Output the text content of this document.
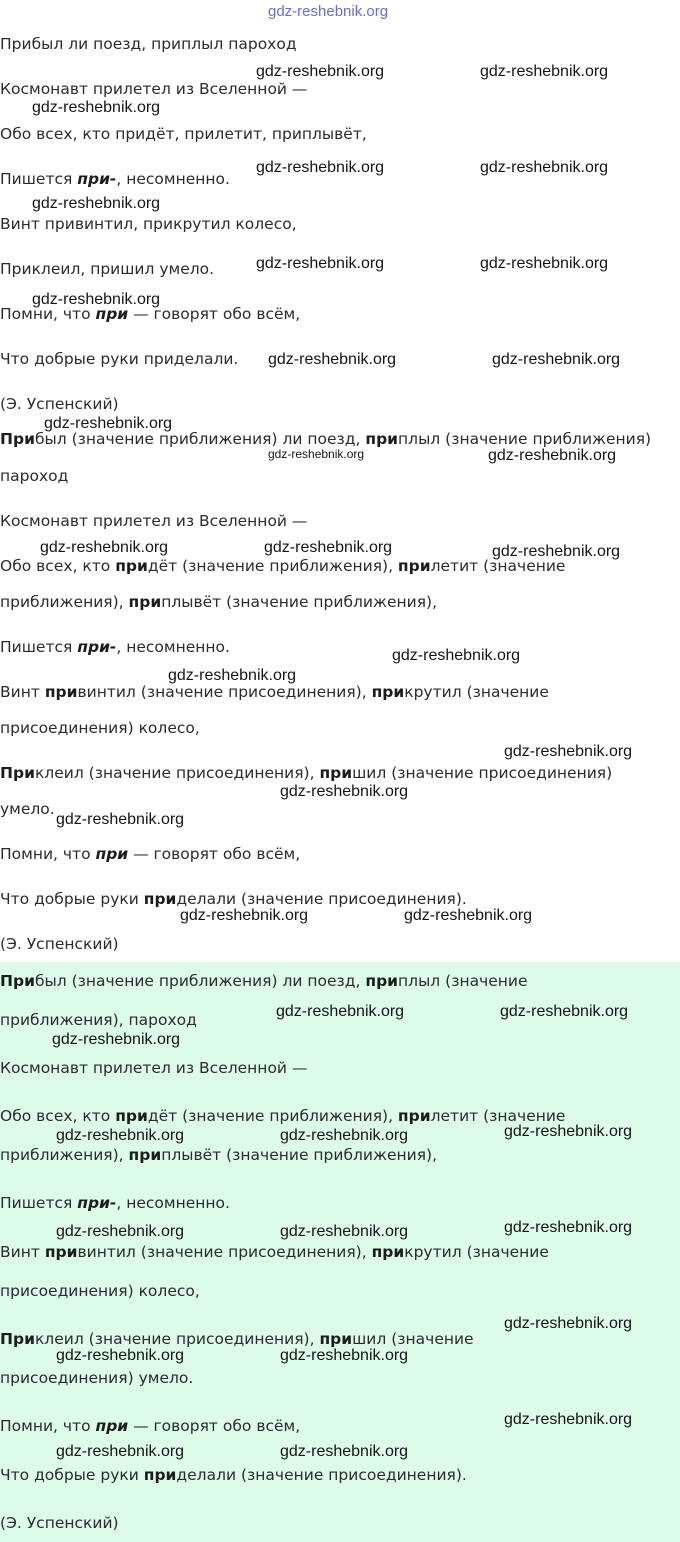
Прибыл ли поезд, приплыл пароход

Космонавт прилетел из Вселенной —

Обо всех, кто придёт, прилетит, приплывёт,

Пишется при-, несомненно.

Винт привинтил, прикрутил колесо,

Приклеил, пришил умело.

Помни, что при — говорят обо всём,

Что добрые руки приделали.

(Э. Успенский)

Прибыл (значение приближения) ли поезд, приплыл (значение приближения)

пароход

Космонавт прилетел из Вселенной —

Обо всех, кто придёт (значение приближения), прилетит (значение

приближения), приплывёт (значение приближения),

Пишется при-, несомненно.

Винт привинтил (значение присоединения), прикрутил (значение

присоединения) колесо,

Приклеил (значение присоединения), пришил (значение присоединения)

умело.

Помни, что при — говорят обо всём,

Что добрые руки приделали (значение присоединения).

(Э. Успенский)

Прибыл (значение приближения) ли поезд, приплыл (значение

приближения), пароход

Космонавт прилетел из Вселенной —

Обо всех, кто придёт (значение приближения), прилетит (значение

приближения), приплывёт (значение приближения),

Пишется при-, несомненно.

Винт привинтил (значение присоединения), прикрутил (значение

присоединения) колесо,

Приклеил (значение присоединения), пришил (значение

присоединения) умело.

Помни, что при — говорят обо всём,

Что добрые руки приделали (значение присоединения).

(Э. Успенский)

gdz-reshebnik.org
gdz-reshebnik.org	gdz-reshebnik.org
gdz-reshebnik.org
gdz-reshebnik.org	gdz-reshebnik.org
gdz-reshebnik.org
gdz-reshebnik.org	gdz-reshebnik.org
gdz-reshebnik.org
gdz-reshebnik.org	gdz-reshebnik.org
gdz-reshebnik.org
gdz-reshebnik.org	gdz-reshebnik.org
gdz-reshebnik.org	gdz-reshebnik.org	gdz-reshebnik.org
gdz-reshebnik.org
gdz-reshebnik.org
gdz-reshebnik.org
gdz-reshebnik.org
gdz-reshebnik.org
gdz-reshebnik.org	gdz-reshebnik.org
gdz-reshebnik.org	gdz-reshebnik.org
gdz-reshebnik.org
gdz-reshebnik.org
gdz-reshebnik.org	gdz-reshebnik.org
gdz-reshebnik.org
gdz-reshebnik.org	gdz-reshebnik.org
gdz-reshebnik.org
gdz-reshebnik.org	gdz-reshebnik.org
gdz-reshebnik.org
gdz-reshebnik.org	gdz-reshebnik.org
